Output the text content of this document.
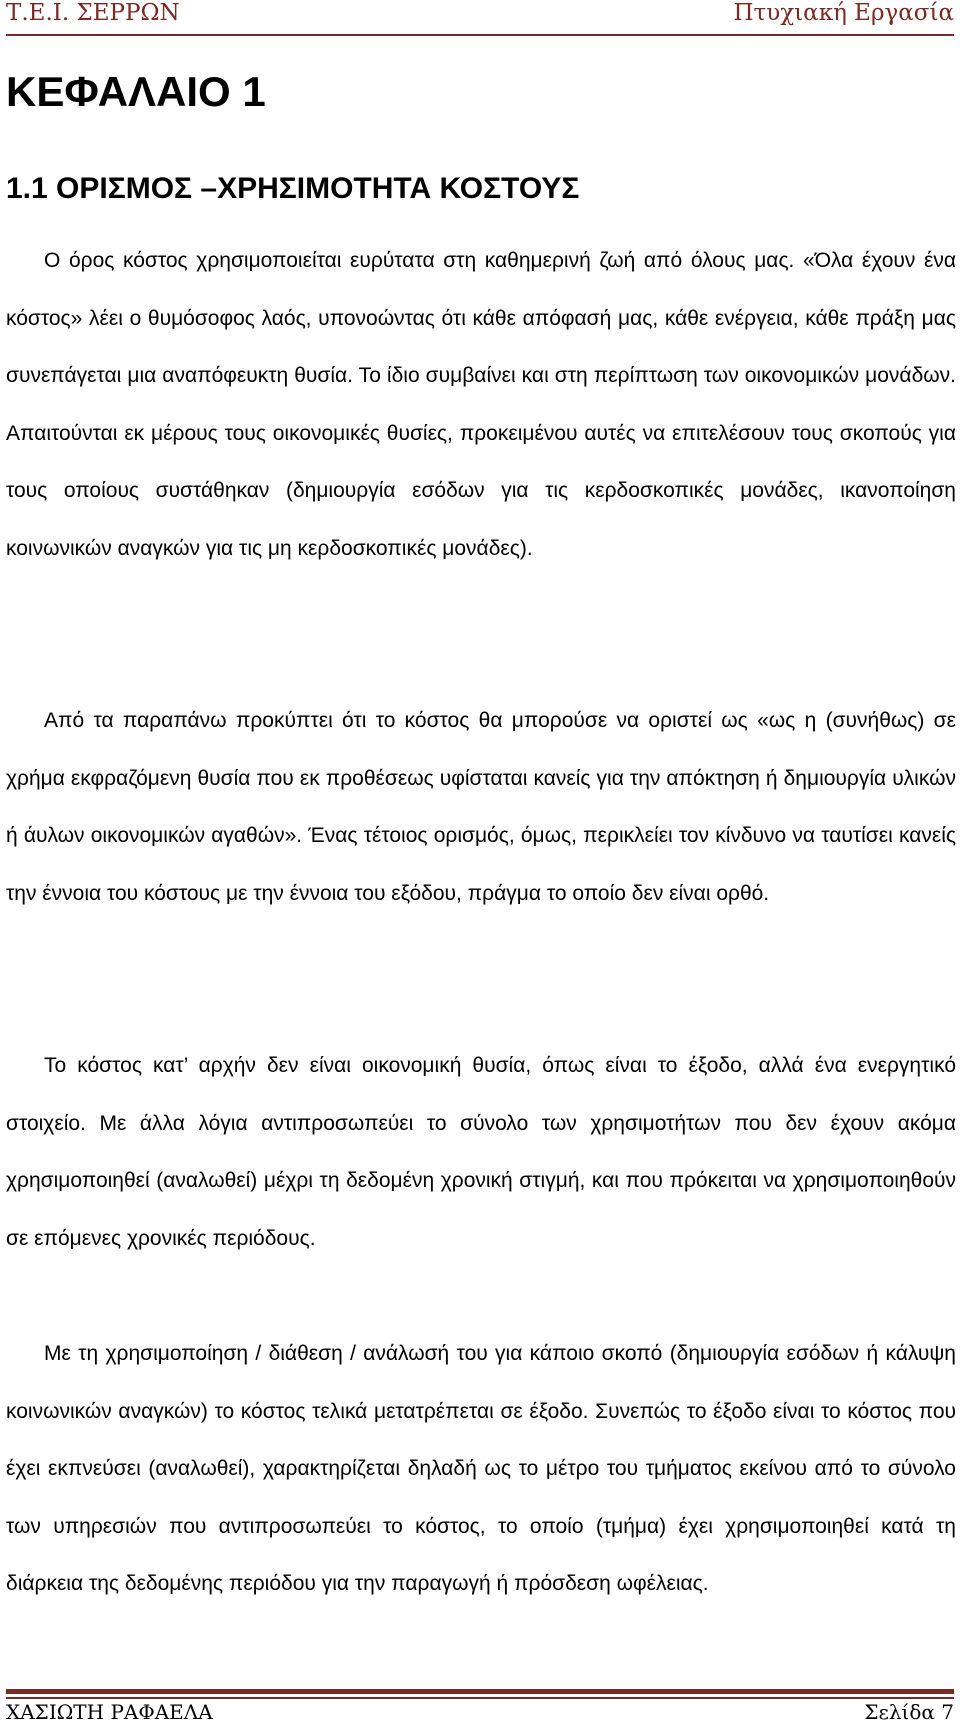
Τ.Ε.Ι. ΣΕΡΡΩΝ	Πτυχιακή Εργασία
ΚΕΦΑΛΑΙΟ 1
1.1 ΟΡΙΣΜΟΣ –ΧΡΗΣΙΜΟΤΗΤΑ ΚΟΣΤΟΥΣ

Ο όρος κόστος χρησιμοποιείται ευρύτατα στη καθημερινή ζωή από όλους μας. «Όλα έχουν ένα κόστος» λέει ο θυμόσοφος λαός, υπονοώντας ότι κάθε απόφασή μας, κάθε ενέργεια, κάθε πράξη μας συνεπάγεται μια αναπόφευκτη θυσία. Το ίδιο συμβαίνει και στη περίπτωση των οικονομικών μονάδων. Απαιτούνται εκ μέρους τους οικονομικές θυσίες, προκειμένου αυτές να επιτελέσουν τους σκοπούς για τους οποίους συστάθηκαν (δημιουργία εσόδων για τις κερδοσκοπικές μονάδες, ικανοποίηση κοινωνικών αναγκών για τις μη κερδοσκοπικές μονάδες).

Από τα παραπάνω προκύπτει ότι το κόστος θα μπορούσε να οριστεί ως «ως η (συνήθως) σε χρήμα εκφραζόμενη θυσία που εκ προθέσεως υφίσταται κανείς για την απόκτηση ή δημιουργία υλικών ή άυλων οικονομικών αγαθών». Ένας τέτοιος ορισμός, όμως, περικλείει τον κίνδυνο να ταυτίσει κανείς την έννοια του κόστους με την έννοια του εξόδου, πράγμα το οποίο δεν είναι ορθό.

Το κόστος κατ’ αρχήν δεν είναι οικονομική θυσία, όπως είναι το έξοδο, αλλά ένα ενεργητικό στοιχείο. Με άλλα λόγια αντιπροσωπεύει το σύνολο των χρησιμοτήτων που δεν έχουν ακόμα χρησιμοποιηθεί (αναλωθεί) μέχρι τη δεδομένη χρονική στιγμή, και που πρόκειται να χρησιμοποιηθούν σε επόμενες χρονικές περιόδους.

Με τη χρησιμοποίηση / διάθεση / ανάλωσή του για κάποιο σκοπό (δημιουργία εσόδων ή κάλυψη κοινωνικών αναγκών) το κόστος τελικά μετατρέπεται σε έξοδο. Συνεπώς το έξοδο είναι το κόστος που έχει εκπνεύσει (αναλωθεί), χαρακτηρίζεται δηλαδή ως το μέτρο του τμήματος εκείνου από το σύνολο των υπηρεσιών που αντιπροσωπεύει το κόστος, το οποίο (τμήμα) έχει χρησιμοποιηθεί κατά τη διάρκεια της δεδομένης περιόδου για την παραγωγή ή πρόσδεση ωφέλειας.

ΧΑΣΙΩΤΗ ΡΑΦΑΕΛΑ	Σελίδα 7
